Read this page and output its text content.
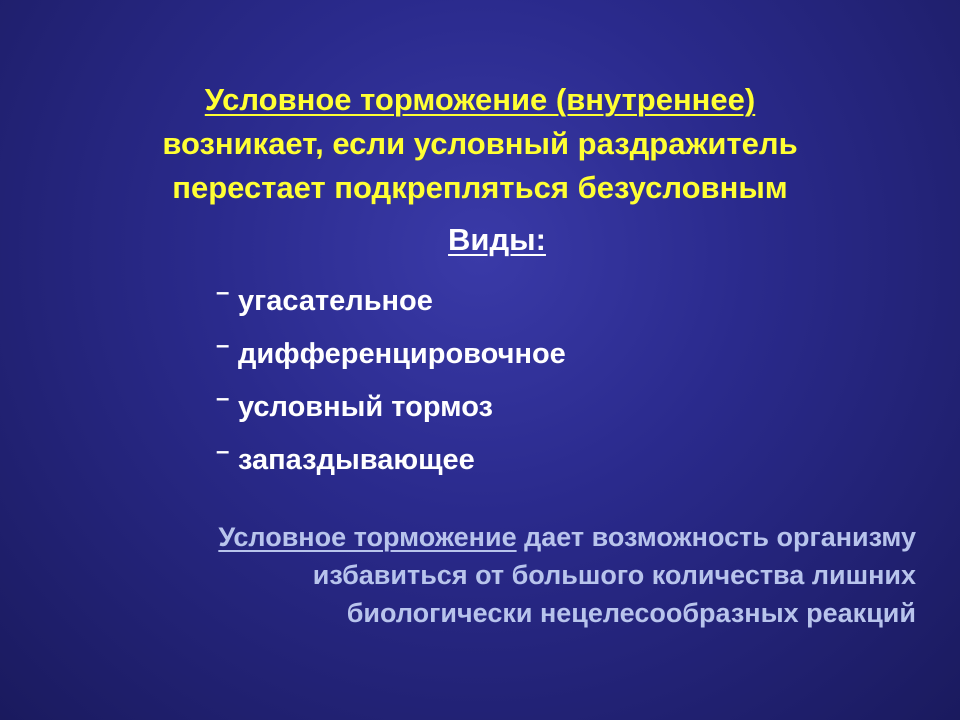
Условное торможение (внутреннее)
возникает, если условный раздражитель
перестает подкрепляться безусловным
Виды:
– угасательное
– дифференцировочное
– условный тормоз
– запаздывающее
Условное торможение дает возможность организму
избавиться от большого количества лишних
биологически нецелесообразных реакций
